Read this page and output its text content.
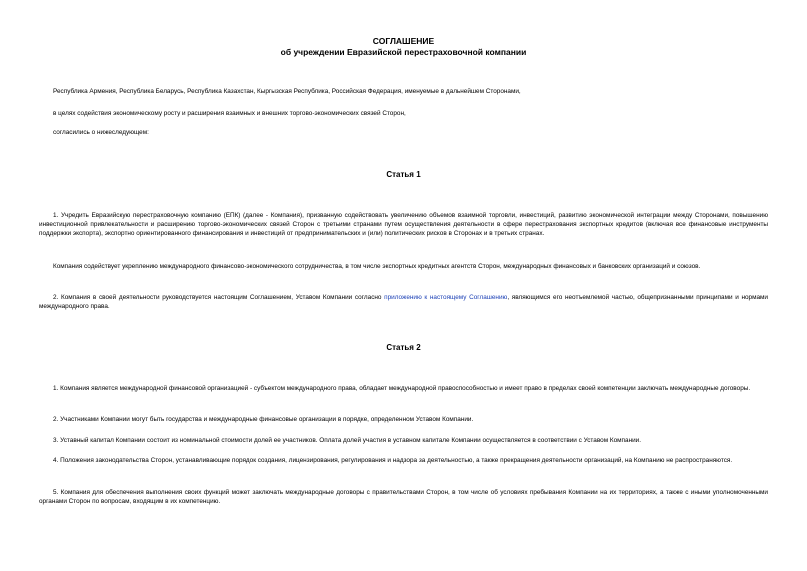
СОГЛАШЕНИЕ
об учреждении Евразийской перестраховочной компании
Республика Армения, Республика Беларусь, Республика Казахстан, Кыргызская Республика, Российская Федерация, именуемые в дальнейшем Сторонами,
в целях содействия экономическому росту и расширения взаимных и внешних торгово-экономических связей Сторон,
согласились о нижеследующем:
Статья 1
1. Учредить Евразийскую перестраховочную компанию (ЕПК) (далее - Компания), призванную содействовать увеличению объемов взаимной торговли, инвестиций, развитию экономической интеграции между Сторонами, повышению инвестиционной привлекательности и расширению торгово-экономических связей Сторон с третьими странами путем осуществления деятельности в сфере перестрахования экспортных кредитов (включая все финансовые инструменты поддержки экспорта), экспортно ориентированного финансирования и инвестиций от предпринимательских и (или) политических рисков в Сторонах и в третьих странах.
Компания содействует укреплению международного финансово-экономического сотрудничества, в том числе экспортных кредитных агентств Сторон, международных финансовых и банковских организаций и союзов.
2. Компания в своей деятельности руководствуется настоящим Соглашением, Уставом Компании согласно приложению к настоящему Соглашению, являющимся его неотъемлемой частью, общепризнанными принципами и нормами международного права.
Статья 2
1. Компания является международной финансовой организацией - субъектом международного права, обладает международной правоспособностью и имеет право в пределах своей компетенции заключать международные договоры.
2. Участниками Компании могут быть государства и международные финансовые организации в порядке, определенном Уставом Компании.
3. Уставный капитал Компании состоит из номинальной стоимости долей ее участников. Оплата долей участия в уставном капитале Компании осуществляется в соответствии с Уставом Компании.
4. Положения законодательства Сторон, устанавливающие порядок создания, лицензирования, регулирования и надзора за деятельностью, а также прекращения деятельности организаций, на Компанию не распространяются.
5. Компания для обеспечения выполнения своих функций может заключать международные договоры с правительствами Сторон, в том числе об условиях пребывания Компании на их территориях, а также с иными уполномоченными органами Сторон по вопросам, входящим в их компетенцию.
